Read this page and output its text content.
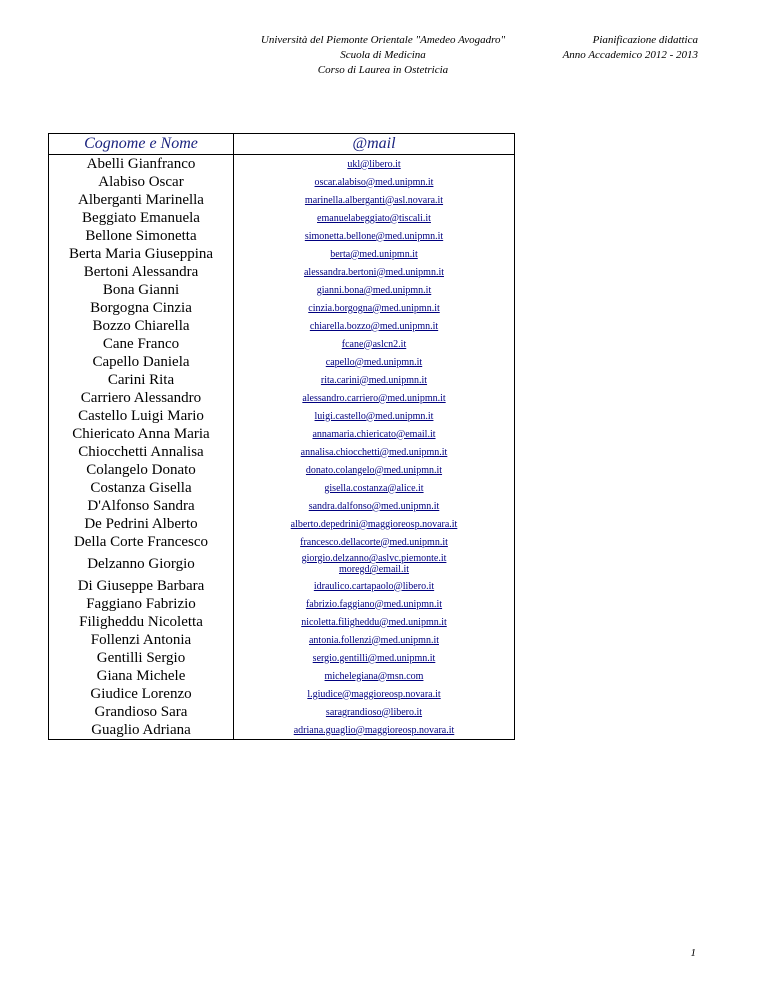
Università del Piemonte Orientale "Amedeo Avogadro"
Scuola di Medicina
Corso di Laurea in Ostetricia
Pianificazione didattica
Anno Accademico 2012 - 2013
Cognome e Nome	@mail
Abelli Gianfranco	ukl@libero.it

Alabiso Oscar	oscar.alabiso@med.unipmn.it

Alberganti Marinella	marinella.alberganti@asl.novara.it

Beggiato Emanuela	emanuelabeggiato@tiscali.it

Bellone Simonetta	simonetta.bellone@med.unipmn.it

Berta Maria Giuseppina	berta@med.unipmn.it

Bertoni Alessandra	alessandra.bertoni@med.unipmn.it

Bona Gianni	gianni.bona@med.unipmn.it

Borgogna Cinzia	cinzia.borgogna@med.unipmn.it

Bozzo Chiarella	chiarella.bozzo@med.unipmn.it

Cane Franco	fcane@aslcn2.it

Capello Daniela	capello@med.unipmn.it

Carini Rita	rita.carini@med.unipmn.it

Carriero Alessandro	alessandro.carriero@med.unipmn.it

Castello Luigi Mario	luigi.castello@med.unipmn.it

Chiericato Anna Maria	annamaria.chiericato@email.it

Chiocchetti Annalisa	annalisa.chiocchetti@med.unipmn.it

Colangelo Donato	donato.colangelo@med.unipmn.it

Costanza Gisella	gisella.costanza@alice.it

D'Alfonso Sandra	sandra.dalfonso@med.unipmn.it

De Pedrini Alberto	alberto.depedrini@maggioreosp.novara.it

Della Corte Francesco	francesco.dellacorte@med.unipmn.it

Delzanno Giorgio	giorgio.delzanno@aslvc.piemonte.it
moregd@email.it

Di Giuseppe Barbara	idraulico.cartapaolo@libero.it

Faggiano Fabrizio	fabrizio.faggiano@med.unipmn.it

Filigheddu Nicoletta	nicoletta.filigheddu@med.unipmn.it

Follenzi Antonia	antonia.follenzi@med.unipmn.it

Gentilli Sergio	sergio.gentilli@med.unipmn.it

Giana Michele	michelegiana@msn.com

Giudice Lorenzo	l.giudice@maggioreosp.novara.it

Grandioso Sara	saragrandioso@libero.it

Guaglio Adriana	adriana.guaglio@maggioreosp.novara.it
1
